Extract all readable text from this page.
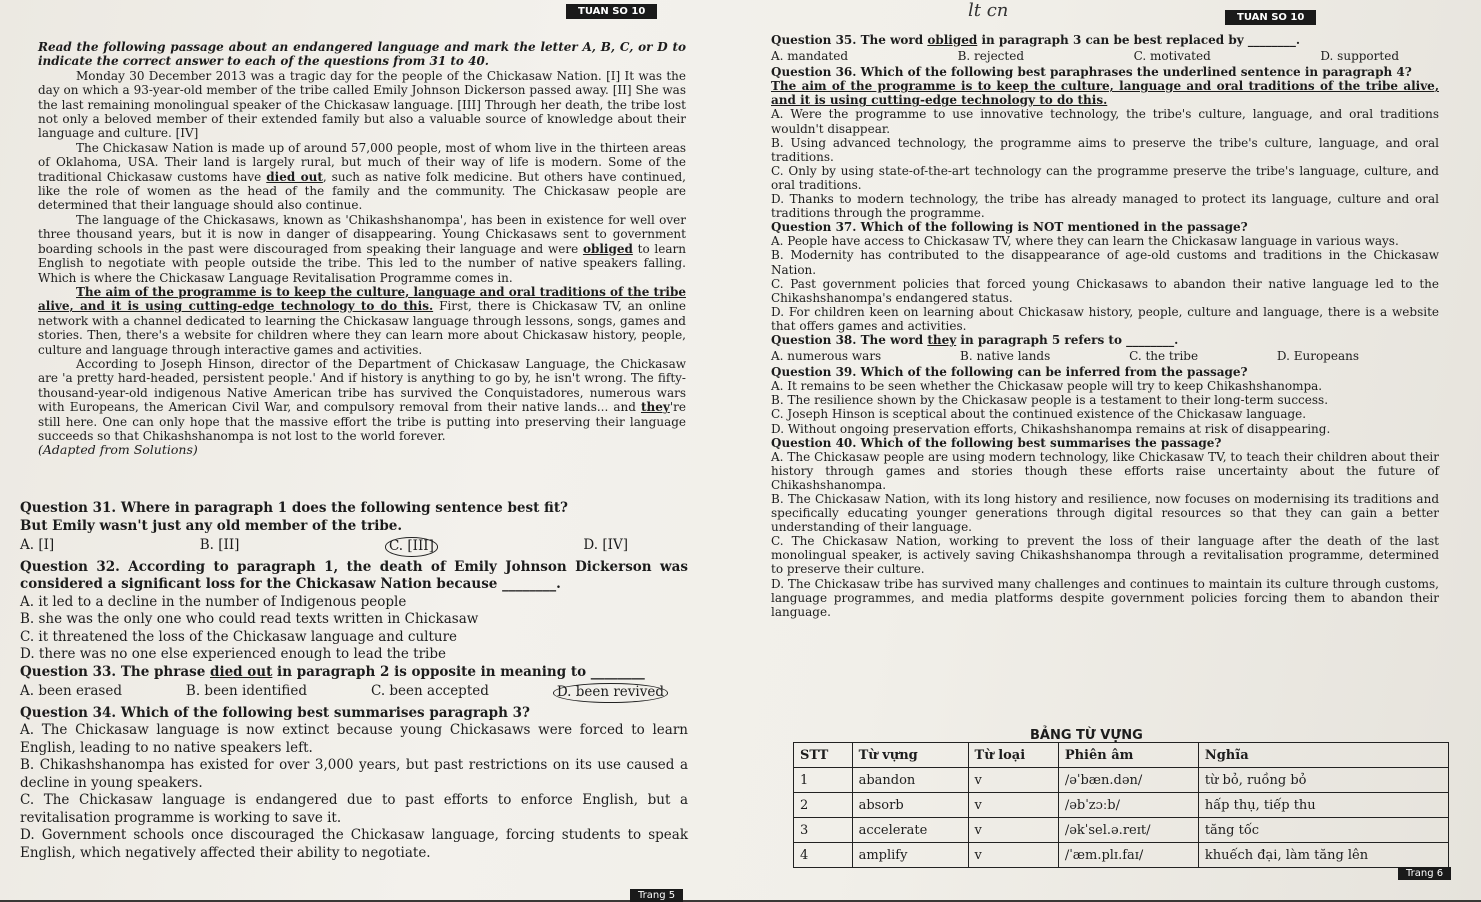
TUAN SO 10
TUAN SO 10
lt cn

Read the following passage about an endangered language and mark the letter A, B, C, or D to indicate the correct answer to each of the questions from 31 to 40.

Monday 30 December 2013 was a tragic day for the people of the Chickasaw Nation. [I] It was the day on which a 93-year-old member of the tribe called Emily Johnson Dickerson passed away. [II] She was the last remaining monolingual speaker of the Chickasaw language. [III] Through her death, the tribe lost not only a beloved member of their extended family but also a valuable source of knowledge about their language and culture. [IV]

The Chickasaw Nation is made up of around 57,000 people, most of whom live in the thirteen areas of Oklahoma, USA. Their land is largely rural, but much of their way of life is modern. Some of the traditional Chickasaw customs have died out, such as native folk medicine. But others have continued, like the role of women as the head of the family and the community. The Chickasaw people are determined that their language should also continue.

The language of the Chickasaws, known as 'Chikashshanompa', has been in existence for well over three thousand years, but it is now in danger of disappearing. Young Chickasaws sent to government boarding schools in the past were discouraged from speaking their language and were obliged to learn English to negotiate with people outside the tribe. This led to the number of native speakers falling. Which is where the Chickasaw Language Revitalisation Programme comes in.

The aim of the programme is to keep the culture, language and oral traditions of the tribe alive, and it is using cutting-edge technology to do this. First, there is Chickasaw TV, an online network with a channel dedicated to learning the Chickasaw language through lessons, songs, games and stories. Then, there's a website for children where they can learn more about Chickasaw history, people, culture and language through interactive games and activities.

According to Joseph Hinson, director of the Department of Chickasaw Language, the Chickasaw are 'a pretty hard-headed, persistent people.' And if history is anything to go by, he isn't wrong. The fifty-thousand-year-old indigenous Native American tribe has survived the Conquistadores, numerous wars with Europeans, the American Civil War, and compulsory removal from their native lands... and they're still here. One can only hope that the massive effort the tribe is putting into preserving their language succeeds so that Chikashshanompa is not lost to the world forever.

(Adapted from Solutions)

Question 31. Where in paragraph 1 does the following sentence best fit?

But Emily wasn't just any old member of the tribe.

A. [I]	B. [II]	C. [III]	D. [IV]

Question 32. According to paragraph 1, the death of Emily Johnson Dickerson was considered a significant loss for the Chickasaw Nation because ________.

A. it led to a decline in the number of Indigenous people

B. she was the only one who could read texts written in Chickasaw

C. it threatened the loss of the Chickasaw language and culture

D. there was no one else experienced enough to lead the tribe

Question 33. The phrase died out in paragraph 2 is opposite in meaning to ________

A. been erased	B. been identified	C. been accepted	D. been revived

Question 34. Which of the following best summarises paragraph 3?

A. The Chickasaw language is now extinct because young Chickasaws were forced to learn English, leading to no native speakers left.

B. Chikashshanompa has existed for over 3,000 years, but past restrictions on its use caused a decline in young speakers.

C. The Chickasaw language is endangered due to past efforts to enforce English, but a revitalisation programme is working to save it.

D. Government schools once discouraged the Chickasaw language, forcing students to speak English, which negatively affected their ability to negotiate.

Trang 5

Question 35. The word obliged in paragraph 3 can be best replaced by ________.

A. mandated	B. rejected	C. motivated	D. supported

Question 36. Which of the following best paraphrases the underlined sentence in paragraph 4?

The aim of the programme is to keep the culture, language and oral traditions of the tribe alive, and it is using cutting-edge technology to do this.

A. Were the programme to use innovative technology, the tribe's culture, language, and oral traditions wouldn't disappear.

B. Using advanced technology, the programme aims to preserve the tribe's culture, language, and oral traditions.

C. Only by using state-of-the-art technology can the programme preserve the tribe's language, culture, and oral traditions.

D. Thanks to modern technology, the tribe has already managed to protect its language, culture and oral traditions through the programme.

Question 37. Which of the following is NOT mentioned in the passage?

A. People have access to Chickasaw TV, where they can learn the Chickasaw language in various ways.

B. Modernity has contributed to the disappearance of age-old customs and traditions in the Chickasaw Nation.

C. Past government policies that forced young Chickasaws to abandon their native language led to the Chikashshanompa's endangered status.

D. For children keen on learning about Chickasaw history, people, culture and language, there is a website that offers games and activities.

Question 38. The word they in paragraph 5 refers to ________.

A. numerous wars	B. native lands	C. the tribe	D. Europeans

Question 39. Which of the following can be inferred from the passage?

A. It remains to be seen whether the Chickasaw people will try to keep Chikashshanompa.

B. The resilience shown by the Chickasaw people is a testament to their long-term success.

C. Joseph Hinson is sceptical about the continued existence of the Chickasaw language.

D. Without ongoing preservation efforts, Chikashshanompa remains at risk of disappearing.

Question 40. Which of the following best summarises the passage?

A. The Chickasaw people are using modern technology, like Chickasaw TV, to teach their children about their history through games and stories though these efforts raise uncertainty about the future of Chikashshanompa.

B. The Chickasaw Nation, with its long history and resilience, now focuses on modernising its traditions and specifically educating younger generations through digital resources so that they can gain a better understanding of their language.

C. The Chickasaw Nation, working to prevent the loss of their language after the death of the last monolingual speaker, is actively saving Chikashshanompa through a revitalisation programme, determined to preserve their culture.

D. The Chickasaw tribe has survived many challenges and continues to maintain its culture through customs, language programmes, and media platforms despite government policies forcing them to abandon their language.

BẢNG TỪ VỰNG
STT	Từ vựng	Từ loại	Phiên âm	Nghĩa
1	abandon	v	/əˈbæn.dən/	từ bỏ, ruồng bỏ
2	absorb	v	/əbˈzɔːb/	hấp thụ, tiếp thu
3	accelerate	v	/əkˈsel.ə.reɪt/	tăng tốc
4	amplify	v	/ˈæm.plɪ.faɪ/	khuếch đại, làm tăng lên
Trang 6
